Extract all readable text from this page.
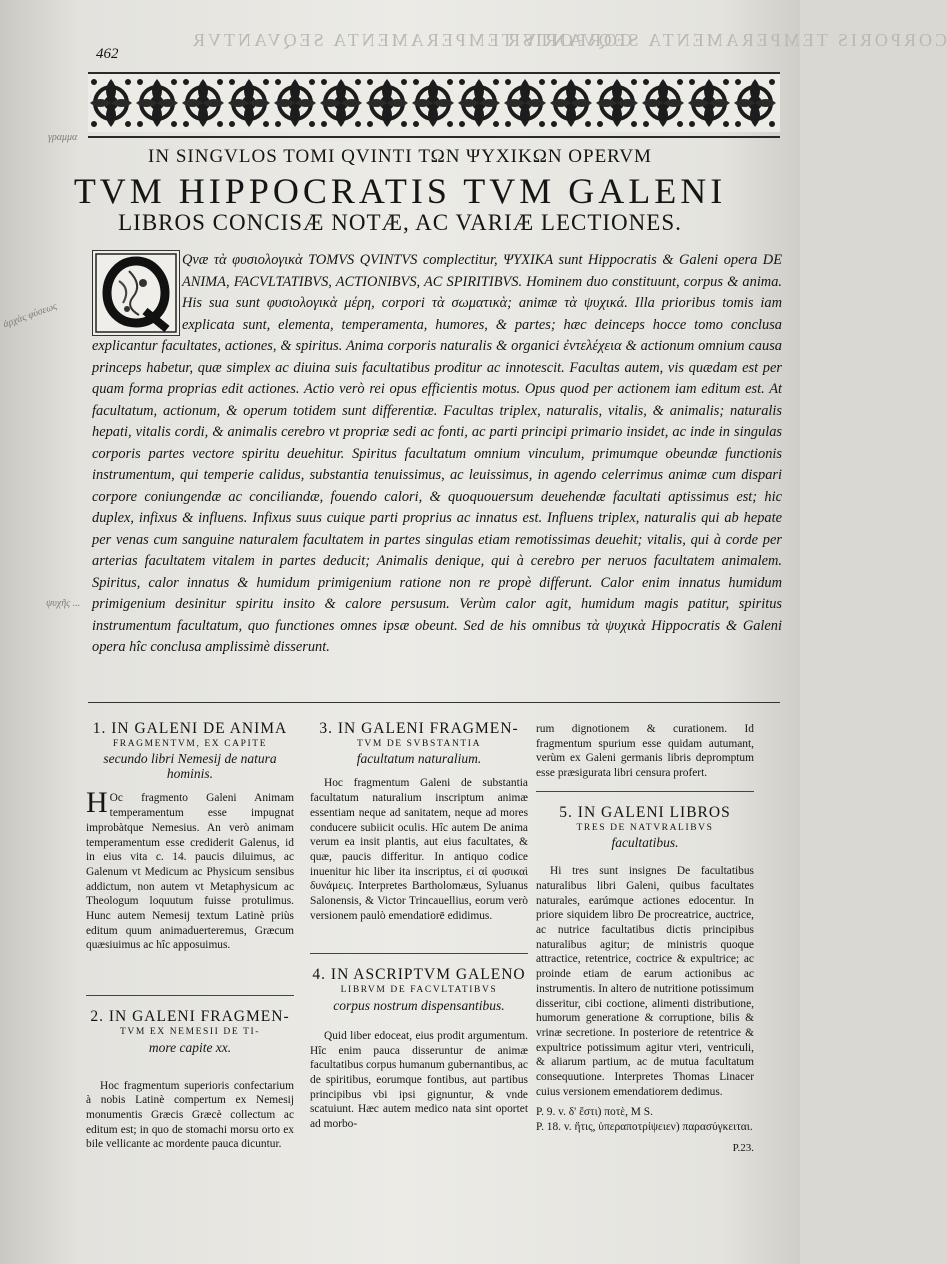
CORPORIS TEMPERAMENTA SEQVANTVR
CORPORIS TEMPERAMENTA SEQVANTVR
462
γραμμα
ἀρχὰς φύσεως
ψυχῆς ...
IN SINGVLOS TOMI QVINTI ΤΩΝ ΨΥΧΙΚΩΝ OPERVM
TVM HIPPOCRATIS TVM GALENI
LIBROS CONCISÆ NOTÆ, AC VARIÆ LECTIONES.

Qvæ τὰ φυσιολογικὰ TOMVS QVINTVS complectitur, ΨΥΧΙΚΑ sunt Hippocratis & Galeni opera DE ANIMA, FACVLTATIBVS, ACTIONIBVS, AC SPIRITIBVS. Hominem duo constituunt, corpus & anima. His sua sunt φυσιολογικὰ μέρη, corpori τὰ σωματικὰ; animæ τὰ ψυχικά. Illa prioribus tomis iam explicata sunt, elementa, temperamenta, humores, & partes; hæc deinceps hocce tomo conclusa explicantur facultates, actiones, & spiritus. Anima corporis naturalis & organici ἐντελέχεια & actionum omnium causa princeps habetur, quæ simplex ac diuina suis facultatibus proditur ac innotescit. Facultas autem, vis quædam est per quam forma proprias edit actiones. Actio verò rei opus efficientis motus. Opus quod per actionem iam editum est. At facultatum, actionum, & operum totidem sunt differentiæ. Facultas triplex, naturalis, vitalis, & animalis; naturalis hepati, vitalis cordi, & animalis cerebro vt propriæ sedi ac fonti, ac parti principi primario insidet, ac inde in singulas corporis partes vectore spiritu deuehitur. Spiritus facultatum omnium vinculum, primumque obeundæ functionis instrumentum, qui temperie calidus, substantia tenuissimus, ac leuissimus, in agendo celerrimus animæ cum dispari corpore coniungendæ ac conciliandæ, fouendo calori, & quoquouersum deuehendæ facultati aptissimus est; hic duplex, infixus & influens. Infixus suus cuique parti proprius ac innatus est. Influens triplex, naturalis qui ab hepate per venas cum sanguine naturalem facultatem in partes singulas etiam remotissimas deuehit; vitalis, qui à corde per arterias facultatem vitalem in partes deducit; Animalis denique, qui à cerebro per neruos facultatem animalem. Spiritus, calor innatus & humidum primigenium ratione non re propè differunt. Calor enim innatus humidum primigenium desinitur spiritu insito & calore persusum. Verùm calor agit, humidum magis patitur, spiritus instrumentum facultatum, quo functiones omnes ipsæ obeunt. Sed de his omnibus τὰ ψυχικὰ Hippocratis & Galeni opera hîc conclusa amplissimè disserunt.

1. IN GALENI DE ANIMA
FRAGMENTVM, EX CAPITE
secundo libri Nemesij de natura hominis.

HOc fragmento Galeni Animam temperamentum esse impugnat improbàtque Nemesius. An verò animam temperamentum esse crediderit Galenus, id in eius vita c. 14. paucis diluimus, ac Galenum vt Medicum ac Physicum sensibus addictum, non autem vt Metaphysicum ac Theologum loquutum fuisse protulimus. Hunc autem Nemesij textum Latinè priùs editum quum animaduerteremus, Græcum quæsiuimus ac hîc apposuimus.

2. IN GALENI FRAGMEN-
TVM EX NEMESII DE TI-
more capite xx.

Hoc fragmentum superioris confectarium à nobis Latinè compertum ex Nemesij monumentis Græcis Græcè collectum ac editum est; in quo de stomachi morsu orto ex bile vellicante ac mordente pauca dicuntur.

3. IN GALENI FRAGMEN-
TVM DE SVBSTANTIA
facultatum naturalium.

Hoc fragmentum Galeni de substantia facultatum naturalium inscriptum animæ essentiam neque ad sanitatem, neque ad mores conducere subiicit oculis. Hîc autem De anima verum ea insit plantis, aut eius facultates, & quæ, paucis differitur. In antiquo codice inuenitur hic liber ita inscriptus, εἰ αἱ φυσικαὶ δυνάμεις. Interpretes Bartholomæus, Syluanus Salonensis, & Victor Trincauellius, eorum verò versionem paulò emendatiorē edidimus.

4. IN ASCRIPTVM GALENO
LIBRVM DE FACVLTATIBVS
corpus nostrum dispensantibus.

Quid liber edoceat, eius prodit argumentum. Hîc enim pauca disseruntur de animæ facultatibus corpus humanum gubernantibus, ac de spiritibus, eorumque fontibus, aut partibus principibus vbi ipsi gignuntur, & vnde scatuiunt. Hæc autem medico nata sint oportet ad morbo-

rum dignotionem & curationem. Id fragmentum spurium esse quidam autumant, verùm ex Galeni germanis libris depromptum esse præsigurata libri censura profert.

5. IN GALENI LIBROS
TRES DE NATVRALIBVS
facultatibus.

Hi tres sunt insignes De facultatibus naturalibus libri Galeni, quibus facultates naturales, earúmque actiones edocentur. In priore siquidem libro De procreatrice, auctrice, ac nutrice facultatibus dictis principibus naturalibus agitur; de ministris quoque attractice, retentrice, coctrice & expultrice; ac proinde etiam de earum actionibus ac instrumentis. In altero de nutritione potissimum disseritur, cibi coctione, alimenti distributione, humorum generatione & corruptione, bilis & vrinæ secretione. In posteriore de retentrice & expultrice potissimum agitur vteri, ventriculi, & aliarum partium, ac de mutua facultatum consequutione. Interpretes Thomas Linacer cuius versionem emendatiorem dedimus.

P. 9. v. δ' ἔστι) ποτὲ, M S.

P. 18. v. ἥτις, ὑπεραποτρίψειεν) παρασύγκειται.

P.23.
